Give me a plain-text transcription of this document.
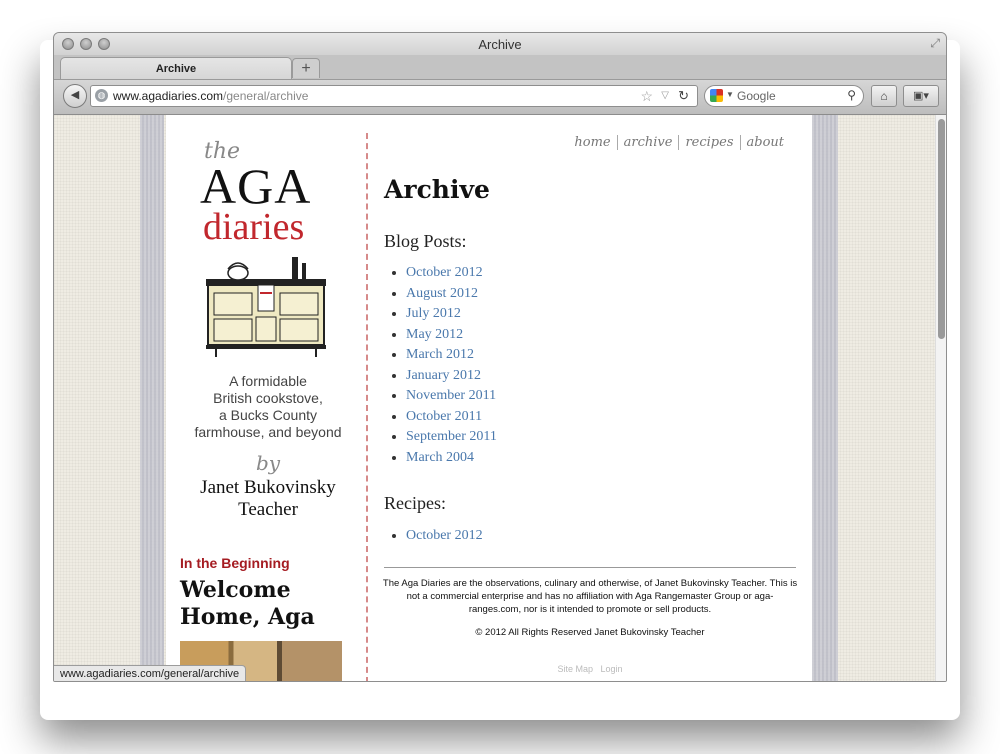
Archive	⤢
Archive	+
◀	◍ www.agadiaries.com/general/archive	☆ ▽ ↻	▼ Google	⚲	⌂	▣▾
the
AGA
diaries
A formidable
British cookstove,
a Bucks County
farmhouse, and beyond
by
Janet Bukovinsky
Teacher
In the Beginning
Welcome
Home, Aga
home	archive	recipes	about
Archive
Blog Posts:
• October 2012
• August 2012
• July 2012
• May 2012
• March 2012
• January 2012
• November 2011
• October 2011
• September 2011
• March 2004
Recipes:
• October 2012
The Aga Diaries are the observations, culinary and otherwise, of Janet Bukovinsky Teacher. This is not a commercial enterprise and has no affiliation with Aga Rangemaster Group or aga-ranges.com, nor is it intended to promote or sell products.
© 2012 All Rights Reserved Janet Bukovinsky Teacher
Site Map Login
www.agadiaries.com/general/archive
